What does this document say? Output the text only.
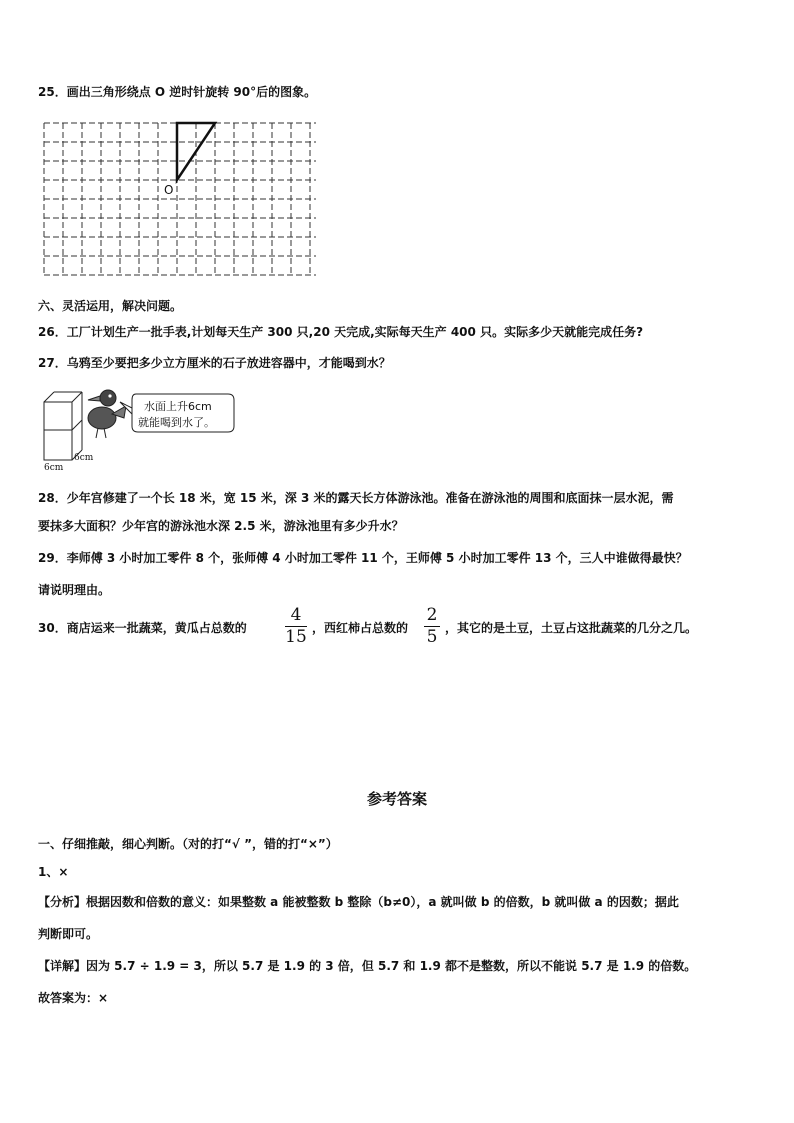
25．画出三角形绕点 O 逆时针旋转 90°后的图象。
O
六、灵活运用，解决问题。
26．工厂计划生产一批手表,计划每天生产 300 只,20 天完成,实际每天生产 400 只。实际多少天就能完成任务?
27．乌鸦至少要把多少立方厘米的石子放进容器中，才能喝到水？
水面上升6cm
就能喝到水了。
6cm
6cm
28．少年宫修建了一个长 18 米，宽 15 米，深 3 米的露天长方体游泳池。准备在游泳池的周围和底面抹一层水泥，需
要抹多大面积？少年宫的游泳池水深 2.5 米，游泳池里有多少升水？
29．李师傅 3 小时加工零件 8 个，张师傅 4 小时加工零件 11 个，王师傅 5 小时加工零件 13 个，三人中谁做得最快？
请说明理由。
30．商店运来一批蔬菜，黄瓜占总数的
4
15 ，西红柿占总数的
2
5 ，其它的是土豆，土豆占这批蔬菜的几分之几。
参考答案
一、仔细推敲，细心判断。（对的打“√ ”，错的打“×”）
1、×
【分析】根据因数和倍数的意义：如果整数 a 能被整数 b 整除（b≠0），a 就叫做 b 的倍数，b 就叫做 a 的因数；据此
判断即可。
【详解】因为 5.7 ÷ 1.9 = 3，所以 5.7 是 1.9 的 3 倍，但 5.7 和 1.9 都不是整数，所以不能说 5.7 是 1.9 的倍数。
故答案为：×
